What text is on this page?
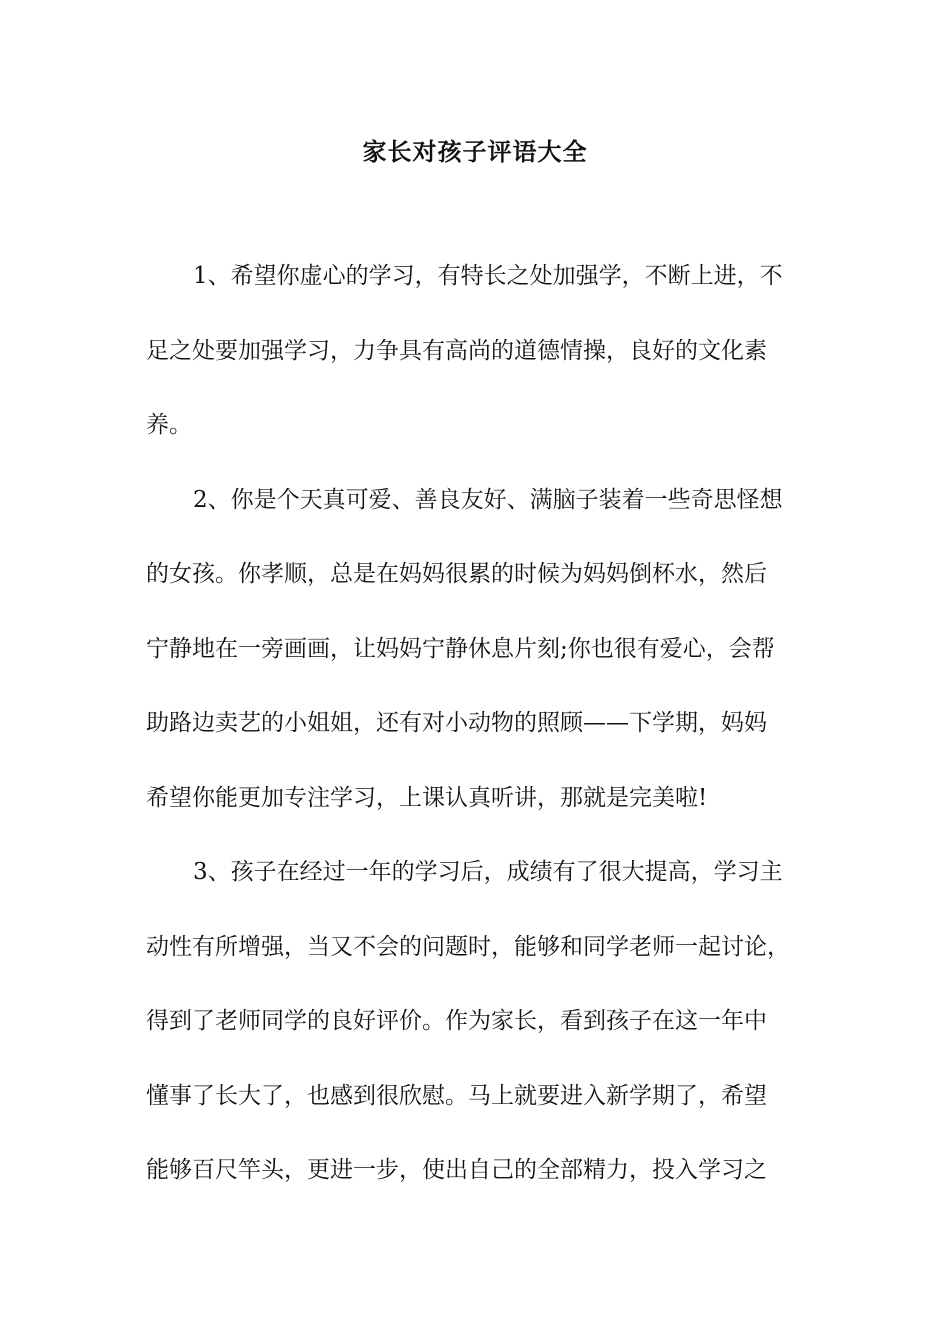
家长对孩子评语大全
1、希望你虚心的学习，有特长之处加强学，不断上进，不
足之处要加强学习，力争具有高尚的道德情操，良好的文化素
养。
2、你是个天真可爱、善良友好、满脑子装着一些奇思怪想
的女孩。你孝顺，总是在妈妈很累的时候为妈妈倒杯水，然后
宁静地在一旁画画，让妈妈宁静休息片刻;你也很有爱心，会帮
助路边卖艺的小姐姐，还有对小动物的照顾——下学期，妈妈
希望你能更加专注学习，上课认真听讲，那就是完美啦!
3、孩子在经过一年的学习后，成绩有了很大提高，学习主
动性有所增强，当又不会的问题时，能够和同学老师一起讨论，
得到了老师同学的良好评价。作为家长，看到孩子在这一年中
懂事了长大了，也感到很欣慰。马上就要进入新学期了，希望
能够百尺竿头，更进一步，使出自己的全部精力，投入学习之
